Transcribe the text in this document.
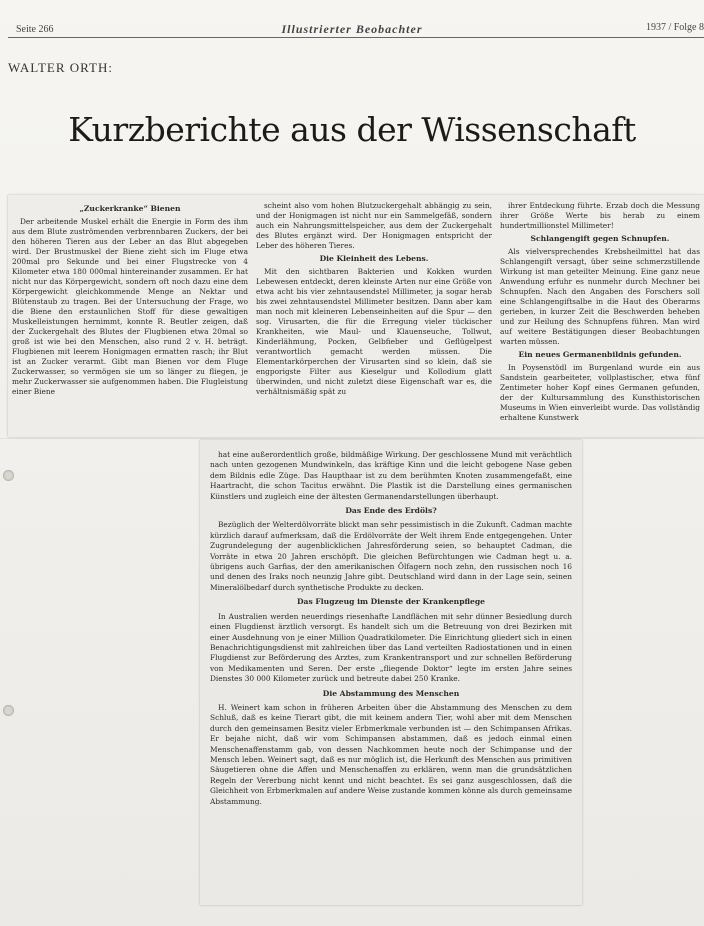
Seite 266	Illustrierter Beobachter	1937 / Folge 8
WALTER ORTH:
Kurzberichte aus der Wissenschaft
„Zuckerkranke“ Bienen

Der arbeitende Muskel erhält die Energie in Form des ihm aus dem Blute zuströmenden verbrennbaren Zuckers, der bei den höheren Tieren aus der Leber an das Blut abgegeben wird. Der Brustmuskel der Biene zieht sich im Fluge etwa 200mal pro Sekunde und bei einer Flugstrecke von 4 Kilometer etwa 180 000mal hintereinander zusammen. Er hat nicht nur das Körpergewicht, sondern oft noch dazu eine dem Körpergewicht gleichkommende Menge an Nektar und Blütenstaub zu tragen. Bei der Untersuchung der Frage, wo die Biene den erstaunlichen Stoff für diese gewaltigen Muskelleistungen hernimmt, konnte R. Beutler zeigen, daß der Zuckergehalt des Blutes der Flugbienen etwa 20mal so groß ist wie bei den Menschen, also rund 2 v. H. beträgt. Flugbienen mit leerem Honigmagen ermatten rasch; ihr Blut ist an Zucker verarmt. Gibt man Bienen vor dem Fluge Zuckerwasser, so vermögen sie um so länger zu fliegen, je mehr Zuckerwasser sie aufgenommen haben. Die Flugleistung einer Biene

scheint also vom hohen Blutzuckergehalt abhängig zu sein, und der Honigmagen ist nicht nur ein Sammelgefäß, sondern auch ein Nahrungsmittelspeicher, aus dem der Zuckergehalt des Blutes ergänzt wird. Der Honigmagen entspricht der Leber des höheren Tieres.

Die Kleinheit des Lebens.

Mit den sichtbaren Bakterien und Kokken wurden Lebewesen entdeckt, deren kleinste Arten nur eine Größe von etwa acht bis vier zehntausendstel Millimeter, ja sogar herab bis zwei zehntausendstel Millimeter besitzen. Dann aber kam man noch mit kleineren Lebenseinheiten auf die Spur — den sog. Virusarten, die für die Erregung vieler tückischer Krankheiten, wie Maul- und Klauenseuche, Tollwut, Kinderlähmung, Pocken, Gelbfieber und Geflügelpest verantwortlich gemacht werden müssen. Die Elementarkörperchen der Virusarten sind so klein, daß sie engporigste Filter aus Kieselgur und Kollodium glatt überwinden, und nicht zuletzt diese Eigenschaft war es, die verhältnismäßig spät zu

ihrer Entdeckung führte. Erzab doch die Messung ihrer Größe Werte bis herab zu einem hundertmillionstel Millimeter!

Schlangengift gegen Schnupfen.

Als vielversprechendes Krebsheilmittel hat das Schlangengift versagt, über seine schmerzstillende Wirkung ist man geteilter Meinung. Eine ganz neue Anwendung erfuhr es nunmehr durch Mechner bei Schnupfen. Nach den Angaben des Forschers soll eine Schlangengiftsalbe in die Haut des Oberarms gerieben, in kurzer Zeit die Beschwerden beheben und zur Heilung des Schnupfens führen. Man wird auf weitere Bestätigungen dieser Beobachtungen warten müssen.

Ein neues Germanenbildnis gefunden.

In Poysenstödl im Burgenland wurde ein aus Sandstein gearbeiteter, vollplastischer, etwa fünf Zentimeter hoher Kopf eines Germanen gefunden, der der Kultursammlung des Kunsthistorischen Museums in Wien einverleibt wurde. Das vollständig erhaltene Kunstwerk

hat eine außerordentlich große, bildmäßige Wirkung. Der geschlossene Mund mit verächtlich nach unten gezogenen Mundwinkeln, das kräftige Kinn und die leicht gebogene Nase geben dem Bildnis edle Züge. Das Haupthaar ist zu dem berühmten Knoten zusammengefaßt, eine Haartracht, die schon Tacitus erwähnt. Die Plastik ist die Darstellung eines germanischen Künstlers und zugleich eine der ältesten Germanendarstellungen überhaupt.

Das Ende des Erdöls?

Bezüglich der Welterdölvorräte blickt man sehr pessimistisch in die Zukunft. Cadman machte kürzlich darauf aufmerksam, daß die Erdölvorräte der Welt ihrem Ende entgegengehen. Unter Zugrundelegung der augenblicklichen Jahresförderung seien, so behauptet Cadman, die Vorräte in etwa 20 Jahren erschöpft. Die gleichen Befürchtungen wie Cadman hegt u. a. übrigens auch Garfias, der den amerikanischen Ölfagern noch zehn, den russischen noch 16 und denen des Iraks noch neunzig Jahre gibt. Deutschland wird dann in der Lage sein, seinen Mineralölbedarf durch synthetische Produkte zu decken.

Das Flugzeug im Dienste der Krankenpflege

In Australien werden neuerdings riesenhafte Landflächen mit sehr dünner Besiedlung durch einen Flugdienst ärztlich versorgt. Es handelt sich um die Betreuung von drei Bezirken mit einer Ausdehnung von je einer Million Quadratkilometer. Die Einrichtung gliedert sich in einen Benachrichtigungsdienst mit zahlreichen über das Land verteilten Radiostationen und in einen Flugdienst zur Beförderung des Arztes, zum Krankentransport und zur schnellen Beförderung von Medikamenten und Seren. Der erste „fliegende Doktor“ legte im ersten Jahre seines Dienstes 30 000 Kilometer zurück und betreute dabei 250 Kranke.

Die Abstammung des Menschen

H. Weinert kam schon in früheren Arbeiten über die Abstammung des Menschen zu dem Schluß, daß es keine Tierart gibt, die mit keinem andern Tier, wohl aber mit dem Menschen durch den gemeinsamen Besitz vieler Erbmerkmale verbunden ist — den Schimpansen Afrikas. Er bejahe nicht, daß wir vom Schimpansen abstammen, daß es jedoch einmal einen Menschenaffenstamm gab, von dessen Nachkommen heute noch der Schimpanse und der Mensch leben. Weinert sagt, daß es nur möglich ist, die Herkunft des Menschen aus primitiven Säugetieren ohne die Affen und Menschenaffen zu erklären, wenn man die grundsätzlichen Regeln der Vererbung nicht kennt und nicht beachtet. Es sei ganz ausgeschlossen, daß die Gleichheit von Erbmerkmalen auf andere Weise zustande kommen könne als durch gemeinsame Abstammung.
